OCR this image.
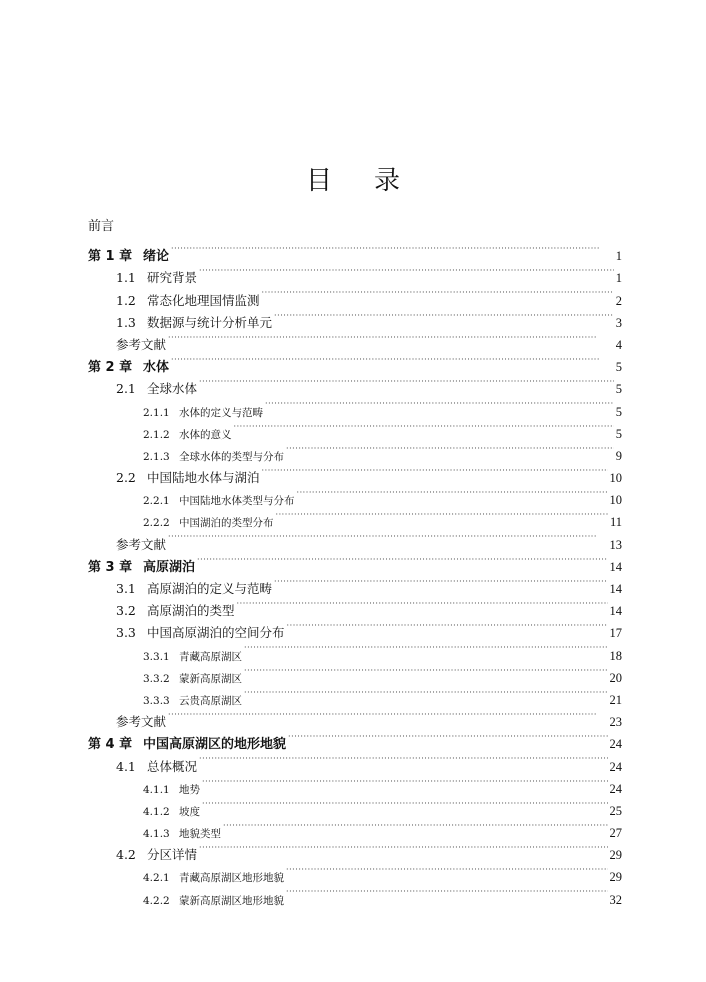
目录
前言
第 1 章 绪论 · · ·	1
1.1 研究背景 · · ·	1
1.2 常态化地理国情监测 · · ·	2
1.3 数据源与统计分析单元 · · ·	3
参考文献 · · ·	4
第 2 章 水体 · · ·	5
2.1 全球水体 · · ·	5
2.1.1 水体的定义与范畴 · · ·	5
2.1.2 水体的意义 · · ·	5
2.1.3 全球水体的类型与分布 · · ·	9
2.2 中国陆地水体与湖泊 · · ·	10
2.2.1 中国陆地水体类型与分布 · · ·	10
2.2.2 中国湖泊的类型分布 · · ·	11
参考文献 · · ·	13
第 3 章 高原湖泊 · · ·	14
3.1 高原湖泊的定义与范畴 · · ·	14
3.2 高原湖泊的类型 · · ·	14
3.3 中国高原湖泊的空间分布 · · ·	17
3.3.1 青藏高原湖区 · · ·	18
3.3.2 蒙新高原湖区 · · ·	20
3.3.3 云贵高原湖区 · · ·	21
参考文献 · · ·	23
第 4 章 中国高原湖区的地形地貌 · · ·	24
4.1 总体概况 · · ·	24
4.1.1 地势 · · ·	24
4.1.2 坡度 · · ·	25
4.1.3 地貌类型 · · ·	27
4.2 分区详情 · · ·	29
4.2.1 青藏高原湖区地形地貌 · · ·	29
4.2.2 蒙新高原湖区地形地貌 · · ·	32
